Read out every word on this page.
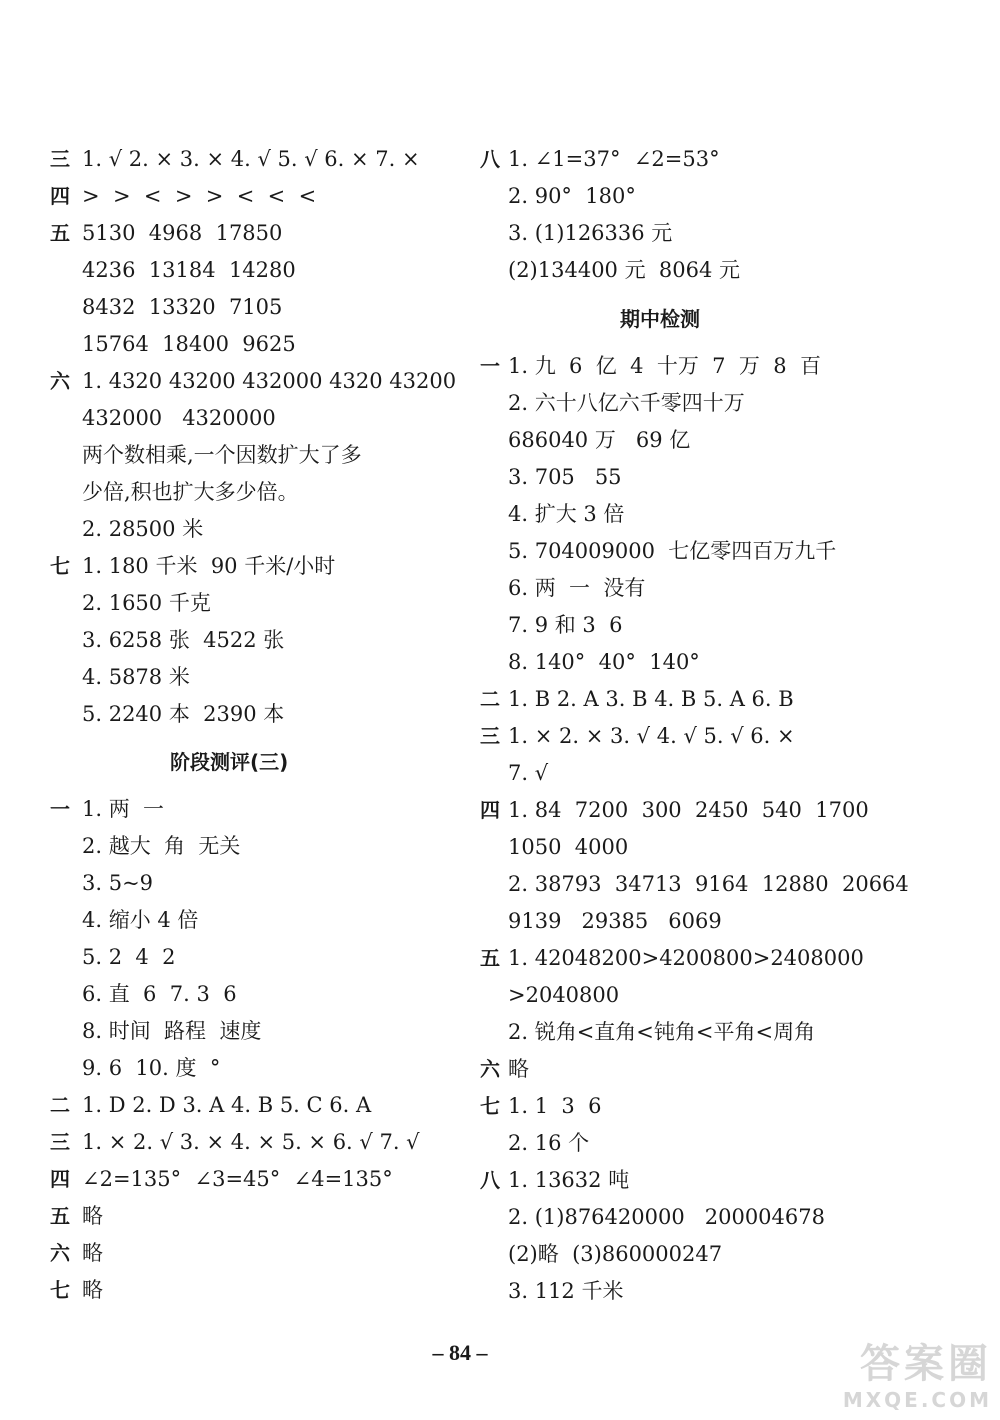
三 1. √ 2. × 3. × 4. √ 5. √ 6. × 7. ×
四 >  >  <  >  >  <  <  <
五 5130  4968  17850
4236  13184  14280
8432  13320  7105
15764  18400  9625
六 1. 4320 43200 432000 4320 43200
432000   4320000
两个数相乘,一个因数扩大了多
少倍,积也扩大多少倍。
2. 28500 米
七 1. 180 千米  90 千米/小时
2. 1650 千克
3. 6258 张  4522 张
4. 5878 米
5. 2240 本  2390 本
阶段测评(三)
一 1. 两  一
2. 越大  角  无关
3. 5~9
4. 缩小 4 倍
5. 2  4  2
6. 直  6  7. 3  6
8. 时间  路程  速度
9. 6  10. 度  °
二 1. D 2. D 3. A 4. B 5. C 6. A
三 1. × 2. √ 3. × 4. × 5. × 6. √ 7. √
四 ∠2=135°  ∠3=45°  ∠4=135°
五 略
六 略
七 略
八 1. ∠1=37°  ∠2=53°
2. 90°  180°
3. (1)126336 元
(2)134400 元  8064 元
期中检测
一 1. 九  6  亿  4  十万  7  万  8  百
2. 六十八亿六千零四十万
686040 万   69 亿
3. 705   55
4. 扩大 3 倍
5. 704009000  七亿零四百万九千
6. 两  一  没有
7. 9 和 3  6
8. 140°  40°  140°
二 1. B 2. A 3. B 4. B 5. A 6. B
三 1. × 2. × 3. √ 4. √ 5. √ 6. ×
7. √
四 1. 84  7200  300  2450  540  1700
1050  4000
2. 38793  34713  9164  12880  20664
9139   29385   6069
五 1. 42048200>4200800>2408000
>2040800
2. 锐角<直角<钝角<平角<周角
六 略
七 1. 1  3  6
2. 16 个
八 1. 13632 吨
2. (1)876420000   200004678
(2)略  (3)860000247
3. 112 千米
– 84 –	答案圈
MXQE.COM
